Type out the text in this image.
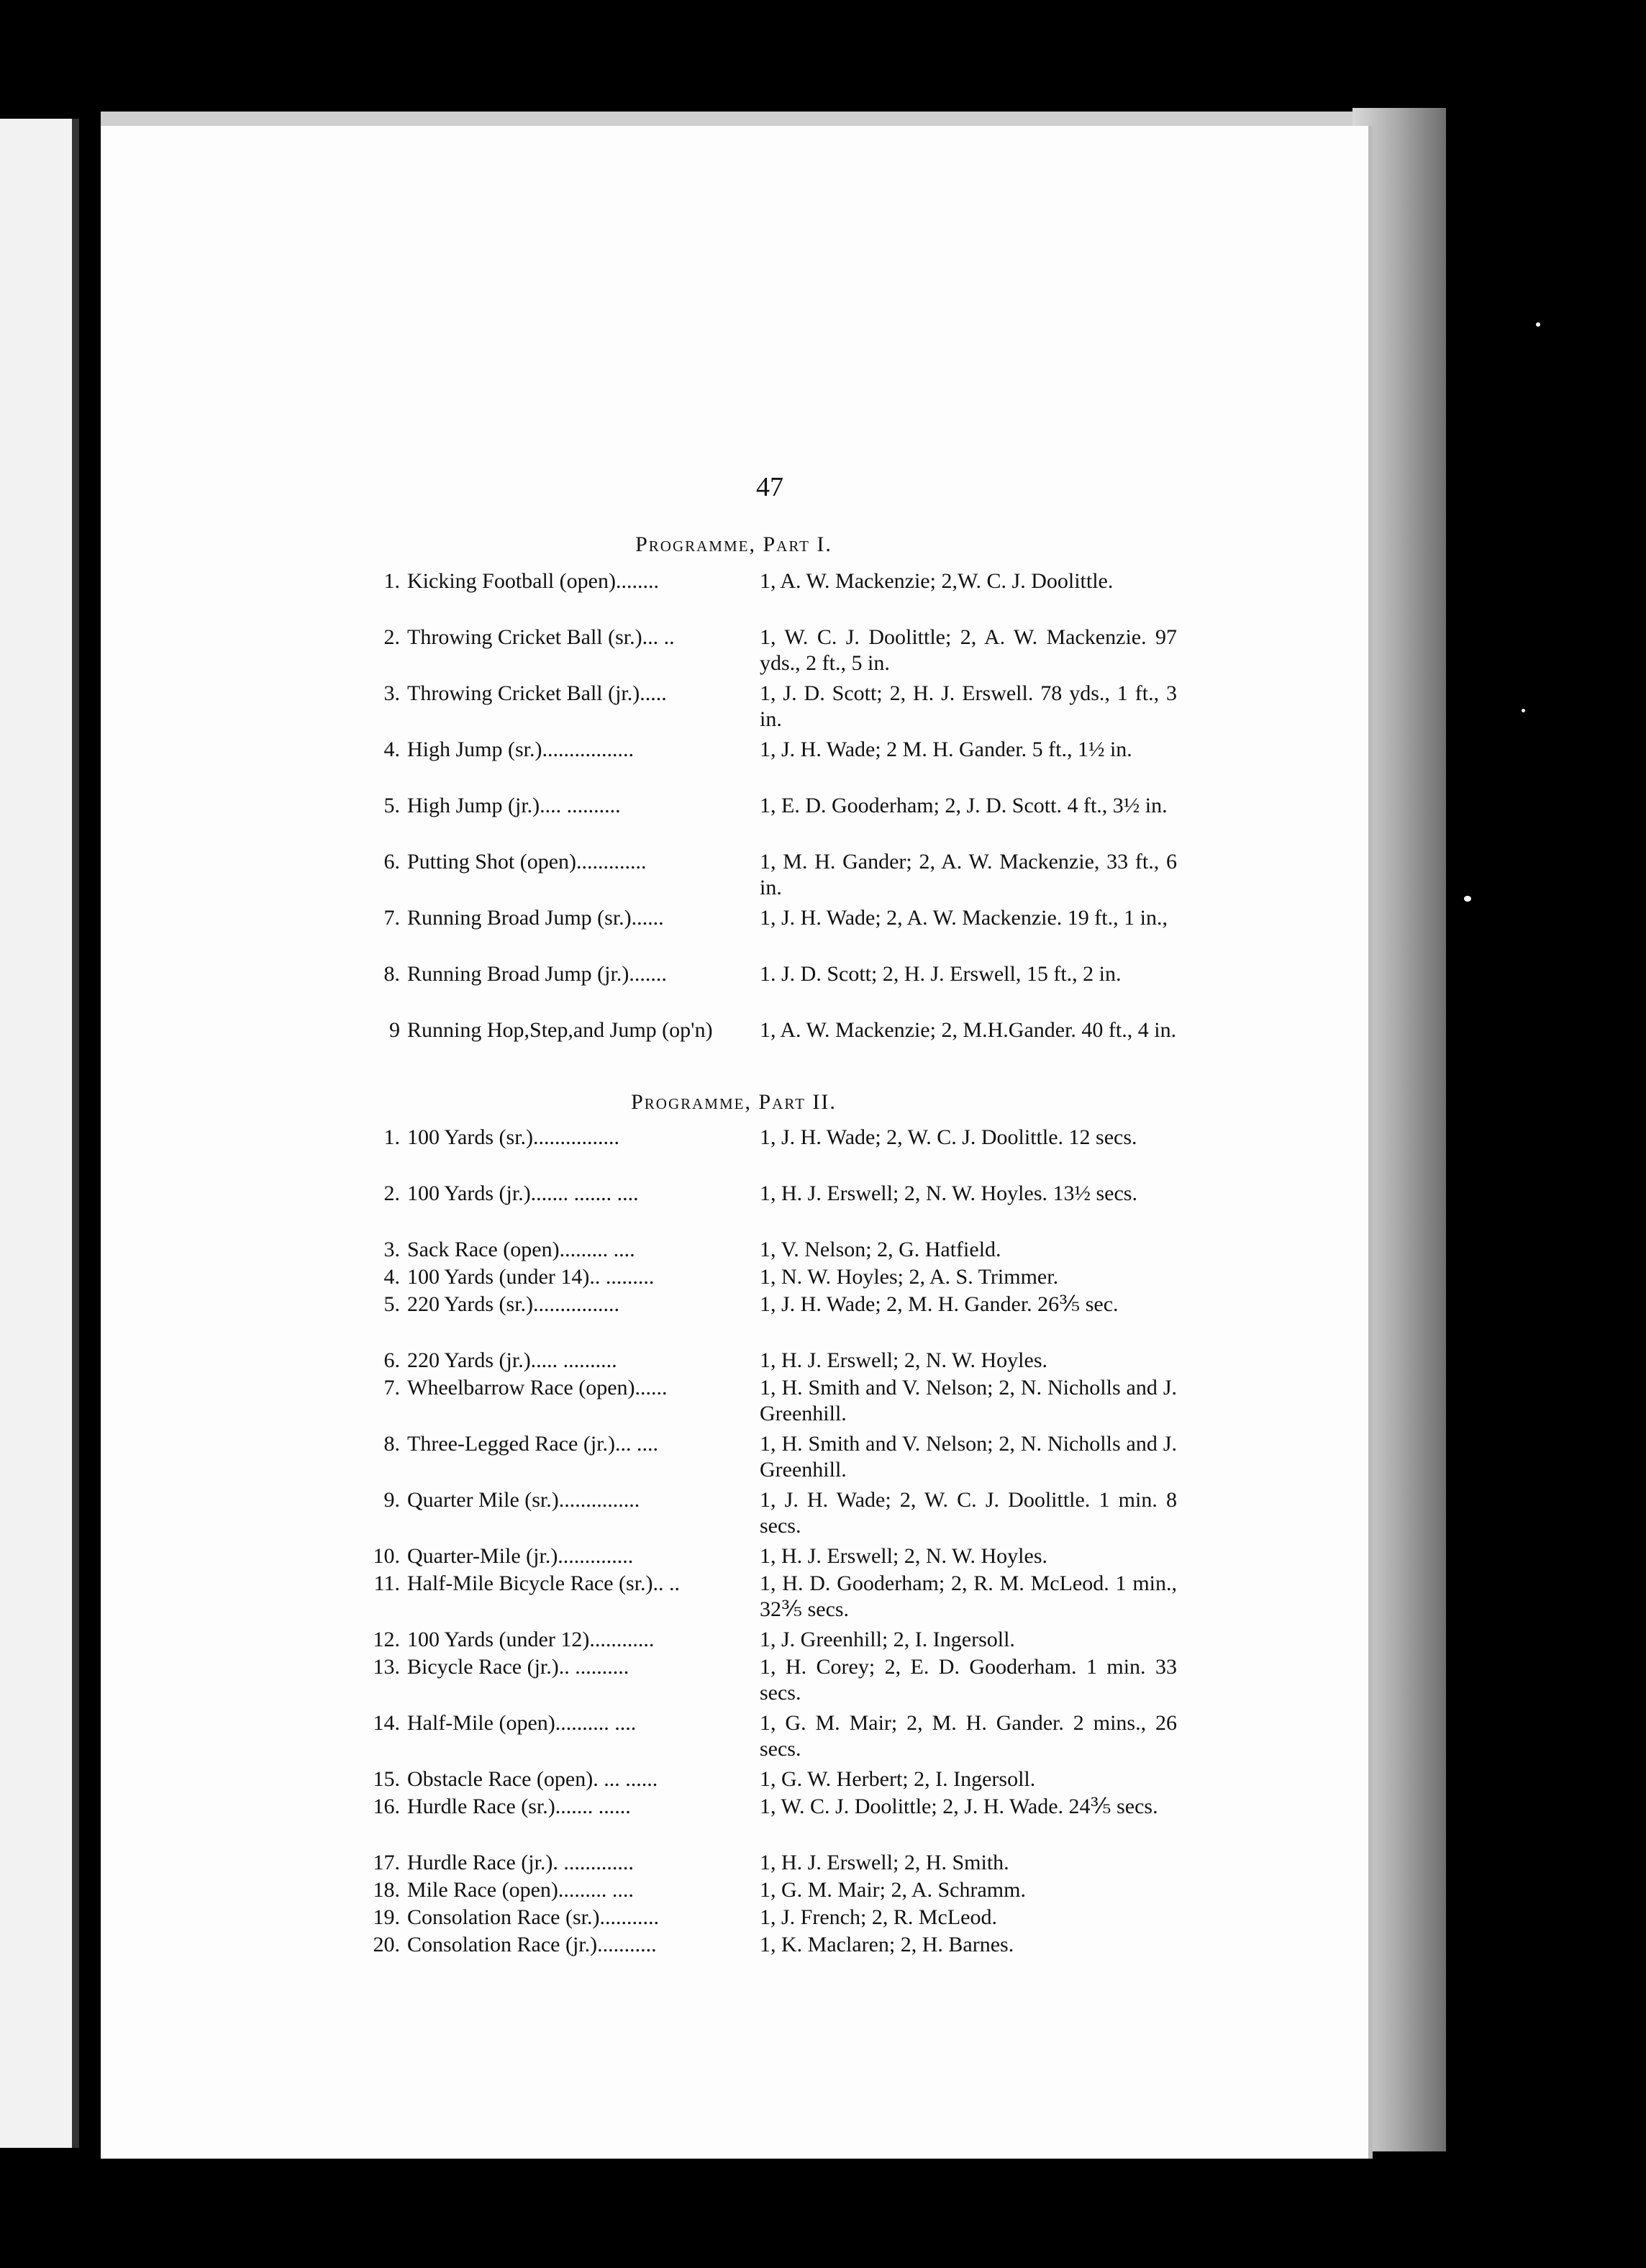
47
Programme, Part I.
1. Kicking Football (open)........	1, A. W. Mackenzie; 2,W. C. J. Doolittle.
2. Throwing Cricket Ball (sr.)... ..	1, W. C. J. Doolittle; 2, A. W. Mackenzie. 97 yds., 2 ft., 5 in.
3. Throwing Cricket Ball (jr.).....	1, J. D. Scott; 2, H. J. Erswell. 78 yds., 1 ft., 3 in.
4. High Jump (sr.).................	1, J. H. Wade; 2 M. H. Gander. 5 ft., 1½ in.
5. High Jump (jr.).... ..........	1, E. D. Gooderham; 2, J. D. Scott. 4 ft., 3½ in.
6. Putting Shot (open).............	1, M. H. Gander; 2, A. W. Mackenzie, 33 ft., 6 in.
7. Running Broad Jump (sr.)......	1, J. H. Wade; 2, A. W. Mackenzie. 19 ft., 1 in.,
8. Running Broad Jump (jr.).......	1. J. D. Scott; 2, H. J. Erswell, 15 ft., 2 in.
9 Running Hop,Step,and Jump (op'n) 1, A. W. Mackenzie; 2, M.H.Gander. 40 ft., 4 in.
Programme, Part II.
1. 100 Yards (sr.)................	1, J. H. Wade; 2, W. C. J. Doolittle. 12 secs.
2. 100 Yards (jr.)....... ....... ....	1, H. J. Erswell; 2, N. W. Hoyles. 13½ secs.
3. Sack Race (open)......... ....	1, V. Nelson; 2, G. Hatfield.
4. 100 Yards (under 14).. .........	1, N. W. Hoyles; 2, A. S. Trimmer.
5. 220 Yards (sr.)................	1, J. H. Wade; 2, M. H. Gander. 26⅗ sec.
6. 220 Yards (jr.)..... ..........	1, H. J. Erswell; 2, N. W. Hoyles.
7. Wheelbarrow Race (open)......	1, H. Smith and V. Nelson; 2, N. Nicholls and J. Greenhill.
8. Three-Legged Race (jr.)... ....	1, H. Smith and V. Nelson; 2, N. Nicholls and J. Greenhill.
9. Quarter Mile (sr.)...............	1, J. H. Wade; 2, W. C. J. Doolittle. 1 min. 8 secs.
10. Quarter-Mile (jr.)..............	1, H. J. Erswell; 2, N. W. Hoyles.
11. Half-Mile Bicycle Race (sr.).. ..	1, H. D. Gooderham; 2, R. M. McLeod. 1 min., 32⅗ secs.
12. 100 Yards (under 12)............	1, J. Greenhill; 2, I. Ingersoll.
13. Bicycle Race (jr.).. ..........	1, H. Corey; 2, E. D. Gooderham. 1 min. 33 secs.
14. Half-Mile (open).......... ....	1, G. M. Mair; 2, M. H. Gander. 2 mins., 26 secs.
15. Obstacle Race (open). ... ......	1, G. W. Herbert; 2, I. Ingersoll.
16. Hurdle Race (sr.)....... ......	1, W. C. J. Doolittle; 2, J. H. Wade. 24⅗ secs.
17. Hurdle Race (jr.). .............	1, H. J. Erswell; 2, H. Smith.
18. Mile Race (open)......... ....	1, G. M. Mair; 2, A. Schramm.
19. Consolation Race (sr.)...........	1, J. French; 2, R. McLeod.
20. Consolation Race (jr.)...........	1, K. Maclaren; 2, H. Barnes.
